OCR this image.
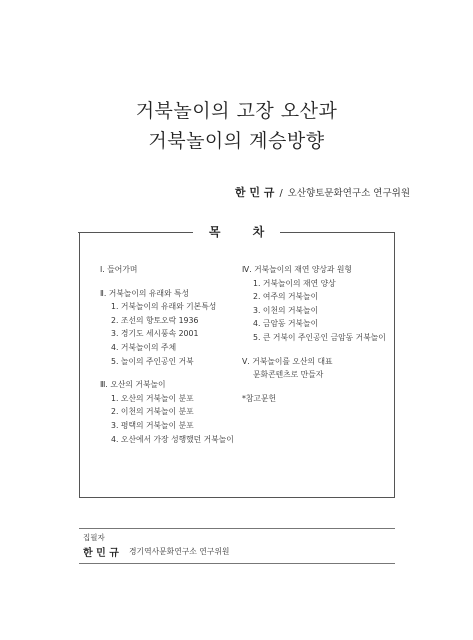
거북놀이의 고장 오산과
거북놀이의 계승방향
한 민 규 / 오산향토문화연구소 연구위원
목 차
Ⅰ. 들어가며
Ⅱ. 거북놀이의 유래와 특성
1. 거북놀이의 유래와 기본특성
2. 조선의 향토오락 1936
3. 경기도 세시풍속 2001
4. 거북놀이의 주체
5. 놀이의 주인공인 거북
Ⅲ. 오산의 거북놀이
1. 오산의 거북놀이 분포
2. 이천의 거북놀이 분포
3. 평택의 거북놀이 분포
4. 오산에서 가장 성행했던 거북놀이
Ⅳ. 거북놀이의 재연 양상과 원형
1. 거북놀이의 재연 양상
2. 여주의 거북놀이
3. 이천의 거북놀이
4. 금암동 거북놀이
5. 큰 거북이 주인공인 금암동 거북놀이
Ⅴ. 거북놀이를 오산의 대표
문화콘텐츠로 만들자
*참고문헌
집필자
한 민 규 경기역사문화연구소 연구위원
